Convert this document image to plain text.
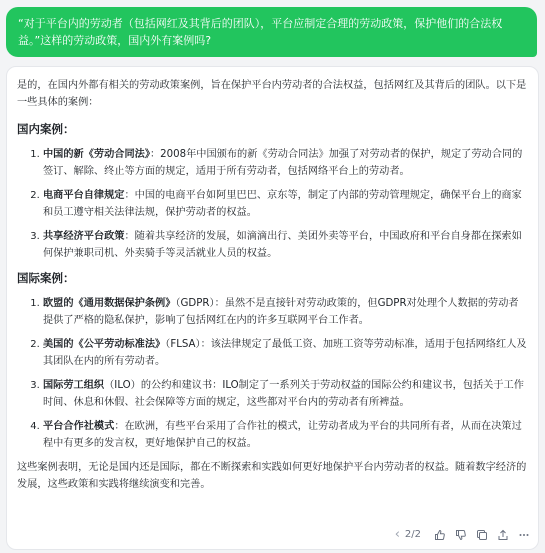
“对于平台内的劳动者（包括网红及其背后的团队），平台应制定合理的劳动政策，保护他们的合法权益。”这样的劳动政策，国内外有案例吗?

是的，在国内外都有相关的劳动政策案例，旨在保护平台内劳动者的合法权益，包括网红及其背后的团队。以下是一些具体的案例：

国内案例：

1. 中国的新《劳动合同法》：2008年中国颁布的新《劳动合同法》加强了对劳动者的保护，规定了劳动合同的签订、解除、终止等方面的规定，适用于所有劳动者，包括网络平台上的劳动者。
2. 电商平台自律规定：中国的电商平台如阿里巴巴、京东等，制定了内部的劳动管理规定，确保平台上的商家和员工遵守相关法律法规，保护劳动者的权益。
3. 共享经济平台政策：随着共享经济的发展，如滴滴出行、美团外卖等平台，中国政府和平台自身都在探索如何保护兼职司机、外卖骑手等灵活就业人员的权益。

国际案例：

1. 欧盟的《通用数据保护条例》（GDPR）：虽然不是直接针对劳动政策的，但GDPR对处理个人数据的劳动者提供了严格的隐私保护，影响了包括网红在内的许多互联网平台工作者。
2. 美国的《公平劳动标准法》（FLSA）：该法律规定了最低工资、加班工资等劳动标准，适用于包括网络红人及其团队在内的所有劳动者。
3. 国际劳工组织（ILO）的公约和建议书：ILO制定了一系列关于劳动权益的国际公约和建议书，包括关于工作时间、休息和休假、社会保障等方面的规定，这些都对平台内的劳动者有所裨益。
4. 平台合作社模式：在欧洲，有些平台采用了合作社的模式，让劳动者成为平台的共同所有者，从而在决策过程中有更多的发言权，更好地保护自己的权益。

这些案例表明，无论是国内还是国际，都在不断探索和实践如何更好地保护平台内劳动者的权益。随着数字经济的发展，这些政策和实践将继续演变和完善。

‹ 2/2
